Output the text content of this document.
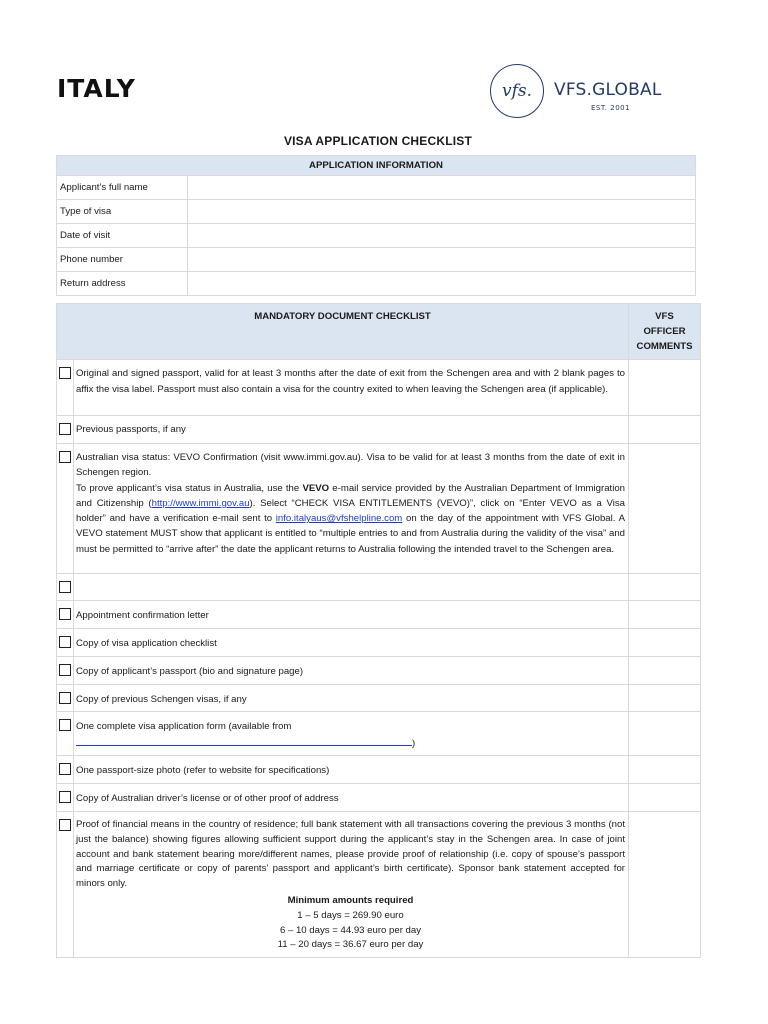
ITALY	vfs.	VFS.GLOBAL
EST. 2001
VISA APPLICATION CHECKLIST
APPLICATION INFORMATION	
Applicant’s full name	
Type of visa	
Date of visit	
Phone number	
Return address	
MANDATORY DOCUMENT CHECKLIST		VFS
OFFICER
COMMENTS

	Original and signed passport, valid for at least 3 months after the date of exit from the Schengen area and with 2 blank pages to affix the visa label. Passport must also contain a visa for the country exited to when leaving the Schengen area (if applicable).	

	Previous passports, if any	

	Australian visa status: VEVO Confirmation (visit www.immi.gov.au). Visa to be valid for at least 3 months from the date of exit in Schengen region.
To prove applicant’s visa status in Australia, use the VEVO e-mail service provided by the Australian Department of Immigration and Citizenship (http://www.immi.gov.au). Select “CHECK VISA ENTITLEMENTS (VEVO)”, click on “Enter VEVO as a Visa holder” and have a verification e-mail sent to info.italyaus@vfshelpline.com on the day of the appointment with VFS Global. A VEVO statement MUST show that applicant is entitled to “multiple entries to and from Australia during the validity of the visa” and must be permitted to “arrive after” the date the applicant returns to Australia following the intended travel to the Schengen area.	

	Appointment confirmation letter	

	Copy of visa application checklist	

	Copy of applicant’s passport (bio and signature page)	

	Copy of previous Schengen visas, if any	

	One complete visa application form (available from
)	

	One passport-size photo (refer to website for specifications)	

	Copy of Australian driver’s license or of other proof of address	

	Proof of financial means in the country of residence; full bank statement with all transactions covering the previous 3 months (not just the balance) showing figures allowing sufficient support during the applicant’s stay in the Schengen area. In case of joint account and bank statement bearing more/different names, please provide proof of relationship (i.e. copy of spouse’s passport and marriage certificate or copy of parents’ passport and applicant’s birth certificate). Sponsor bank statement accepted for minors only.
Minimum amounts required
1 – 5 days = 269.90 euro
6 – 10 days = 44.93 euro per day
11 – 20 days = 36.67 euro per day	
